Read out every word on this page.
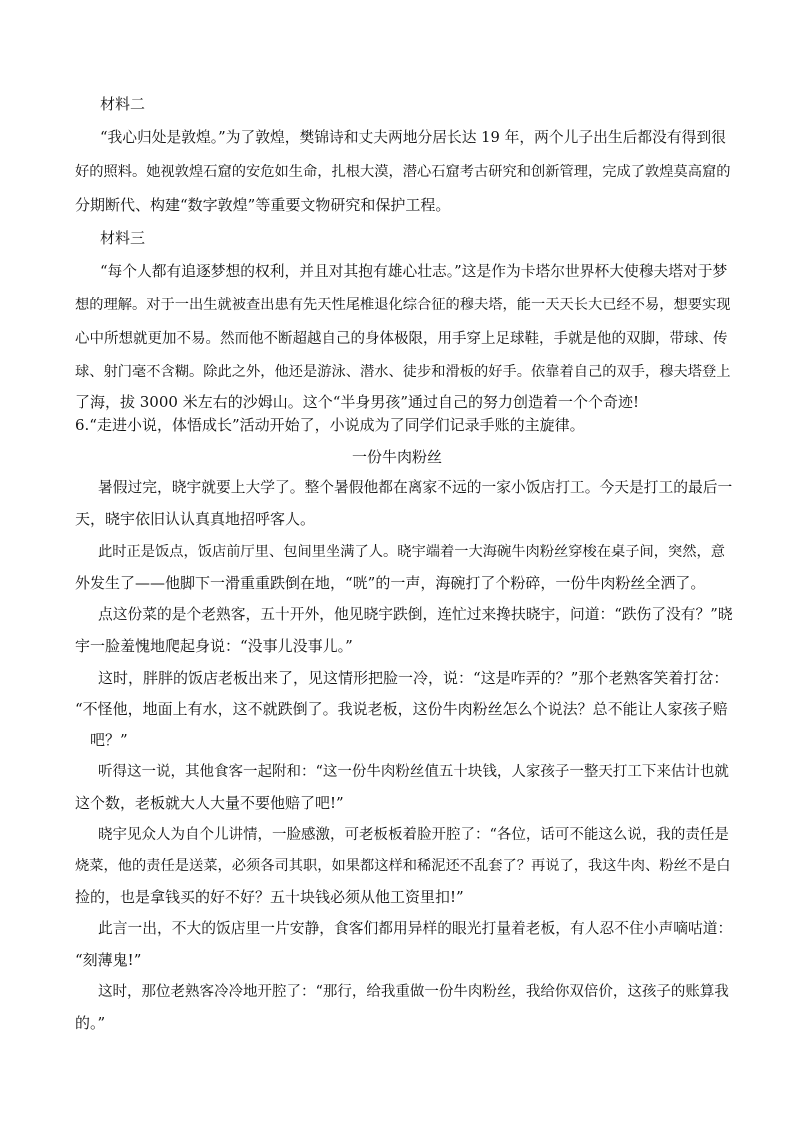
材料二
“我心归处是敦煌。”为了敦煌，樊锦诗和丈夫两地分居长达 19 年，两个儿子出生后都没有得到很
好的照料。她视敦煌石窟的安危如生命，扎根大漠，潜心石窟考古研究和创新管理，完成了敦煌莫高窟的
分期断代、构建“数字敦煌”等重要文物研究和保护工程。
材料三
“每个人都有追逐梦想的权利，并且对其抱有雄心壮志。”这是作为卡塔尔世界杯大使穆夫塔对于梦
想的理解。对于一出生就被查出患有先天性尾椎退化综合征的穆夫塔，能一天天长大已经不易，想要实现
心中所想就更加不易。然而他不断超越自己的身体极限，用手穿上足球鞋，手就是他的双脚，带球、传
球、射门毫不含糊。除此之外，他还是游泳、潜水、徒步和滑板的好手。依靠着自己的双手，穆夫塔登上
了海，拔 3000 米左右的沙姆山。这个“半身男孩”通过自己的努力创造着一个个奇迹!
6.“走进小说，体悟成长”活动开始了，小说成为了同学们记录手账的主旋律。
一份牛肉粉丝
暑假过完，晓宇就要上大学了。整个暑假他都在离家不远的一家小饭店打工。今天是打工的最后一
天，晓宇依旧认认真真地招呼客人。
此时正是饭点，饭店前厅里、包间里坐满了人。晓宇端着一大海碗牛肉粉丝穿梭在桌子间，突然，意
外发生了——他脚下一滑重重跌倒在地，“咣”的一声，海碗打了个粉碎，一份牛肉粉丝全洒了。
点这份菜的是个老熟客，五十开外，他见晓宇跌倒，连忙过来搀扶晓宇，问道：“跌伤了没有？”晓
宇一脸羞愧地爬起身说：“没事儿没事儿。”
这时，胖胖的饭店老板出来了，见这情形把脸一冷，说：“这是咋弄的？”那个老熟客笑着打岔：
“不怪他，地面上有水，这不就跌倒了。我说老板，这份牛肉粉丝怎么个说法？总不能让人家孩子赔
吧？”
听得这一说，其他食客一起附和：“这一份牛肉粉丝值五十块钱，人家孩子一整天打工下来估计也就
这个数，老板就大人大量不要他赔了吧!”
晓宇见众人为自个儿讲情，一脸感激，可老板板着脸开腔了：“各位，话可不能这么说，我的责任是
烧菜，他的责任是送菜，必须各司其职，如果都这样和稀泥还不乱套了？再说了，我这牛肉、粉丝不是白
捡的，也是拿钱买的好不好？五十块钱必须从他工资里扣!”
此言一出，不大的饭店里一片安静，食客们都用异样的眼光打量着老板，有人忍不住小声嘀咕道：
“刻薄鬼!”
这时，那位老熟客冷冷地开腔了：“那行，给我重做一份牛肉粉丝，我给你双倍价，这孩子的账算我
的。”
